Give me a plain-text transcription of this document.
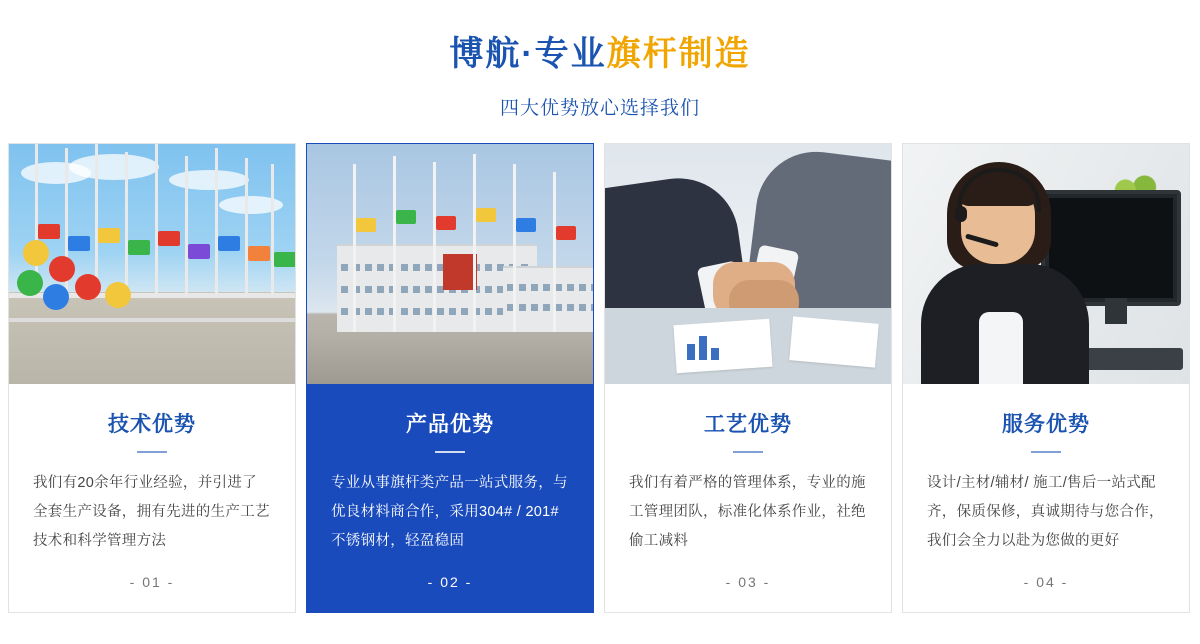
博航·专业旗杆制造
四大优势放心选择我们
技术优势
我们有20余年行业经验，并引进了全套生产设备，拥有先进的生产工艺技术和科学管理方法
- 01 -
产品优势
专业从事旗杆类产品一站式服务，与优良材料商合作，采用304# / 201#不锈钢材，轻盈稳固
- 02 -
工艺优势
我们有着严格的管理体系，专业的施工管理团队，标准化体系作业，社绝偷工减料
- 03 -
服务优势
设计/主材/辅材/ 施工/售后一站式配齐，保质保修，真诚期待与您合作，我们会全力以赴为您做的更好
- 04 -
